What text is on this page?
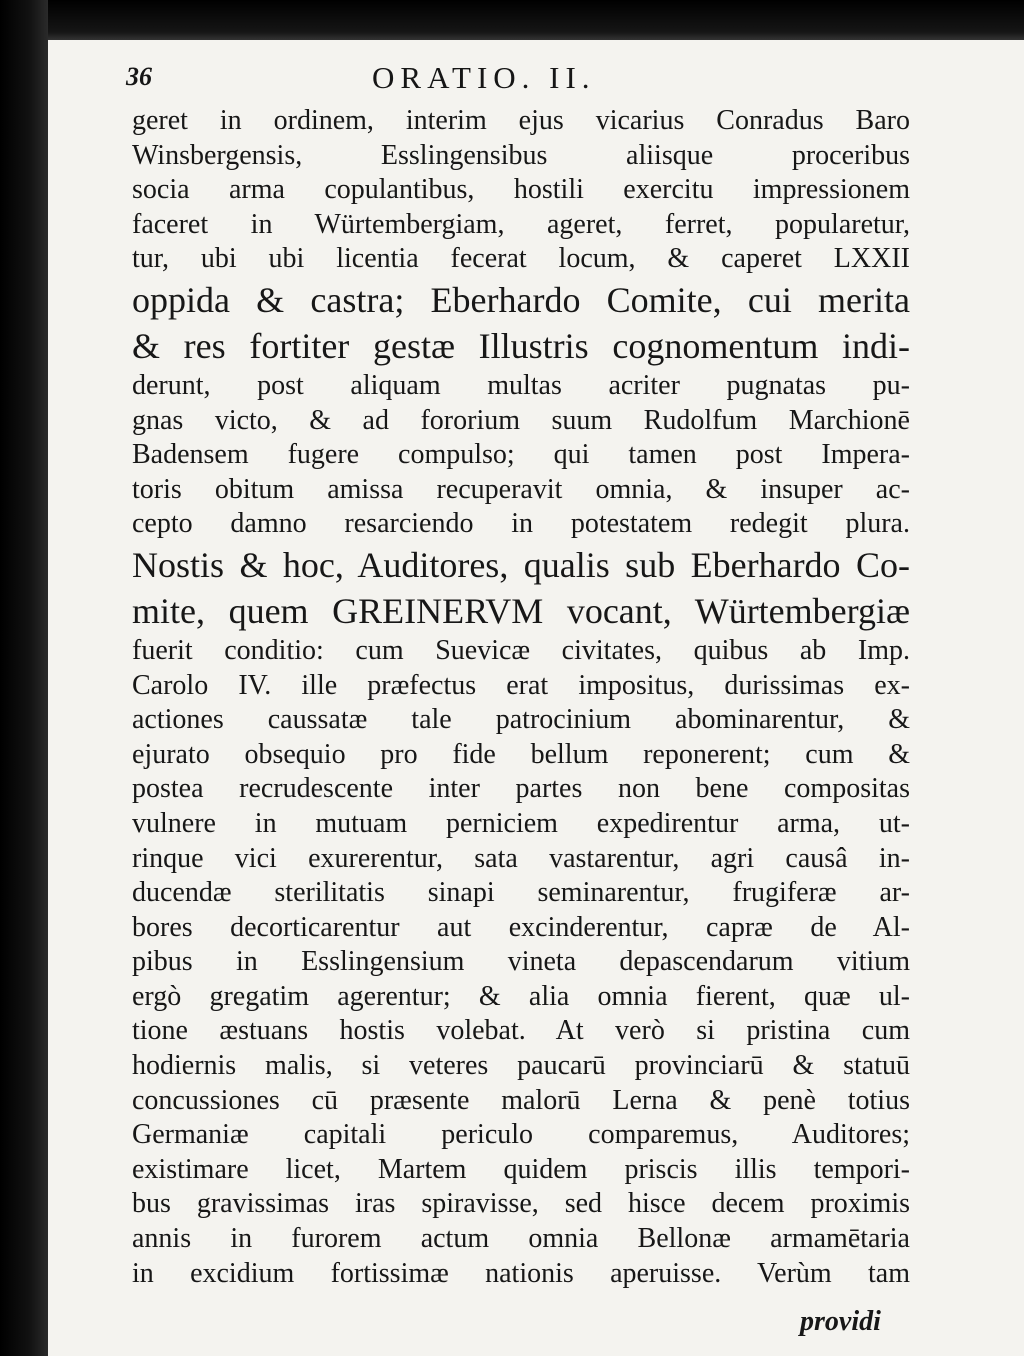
36	ORATIO. II.
geret in ordinem, interim ejus vicarius Conradus Baro
Winsbergensis, Esslingensibus aliisque proceribus
socia arma copulantibus, hostili exercitu impressionem
faceret in Würtembergiam, ageret, ferret, popularetur,
tur, ubi ubi licentia fecerat locum, & caperet LXXII
oppida & castra; Eberhardo Comite, cui merita
& res fortiter gestæ Illustris cognomentum indi-
derunt, post aliquam multas acriter pugnatas pu-
gnas victo, & ad fororium suum Rudolfum Marchionē
Badensem fugere compulso; qui tamen post Impera-
toris obitum amissa recuperavit omnia, & insuper ac-
cepto damno resarciendo in potestatem redegit plura.
Nostis & hoc, Auditores, qualis sub Eberhardo Co-
mite, quem GREINERVM vocant, Würtembergiæ
fuerit conditio: cum Suevicæ civitates, quibus ab Imp.
Carolo IV. ille præfectus erat impositus, durissimas ex-
actiones caussatæ tale patrocinium abominarentur, &
ejurato obsequio pro fide bellum reponerent; cum &
postea recrudescente inter partes non bene compositas
vulnere in mutuam perniciem expedirentur arma, ut-
rinque vici exurerentur, sata vastarentur, agri causâ in-
ducendæ sterilitatis sinapi seminarentur, frugiferæ ar-
bores decorticarentur aut excinderentur, capræ de Al-
pibus in Esslingensium vineta depascendarum vitium
ergò gregatim agerentur; & alia omnia fierent, quæ ul-
tione æstuans hostis volebat. At verò si pristina cum
hodiernis malis, si veteres paucarū provinciarū & statuū
concussiones cū præsente malorū Lerna & penè totius
Germaniæ capitali periculo comparemus, Auditores;
existimare licet, Martem quidem priscis illis tempori-
bus gravissimas iras spiravisse, sed hisce decem proximis
annis in furorem actum omnia Bellonæ armamētaria
in excidium fortissimæ nationis aperuisse. Verùm tam
providi
